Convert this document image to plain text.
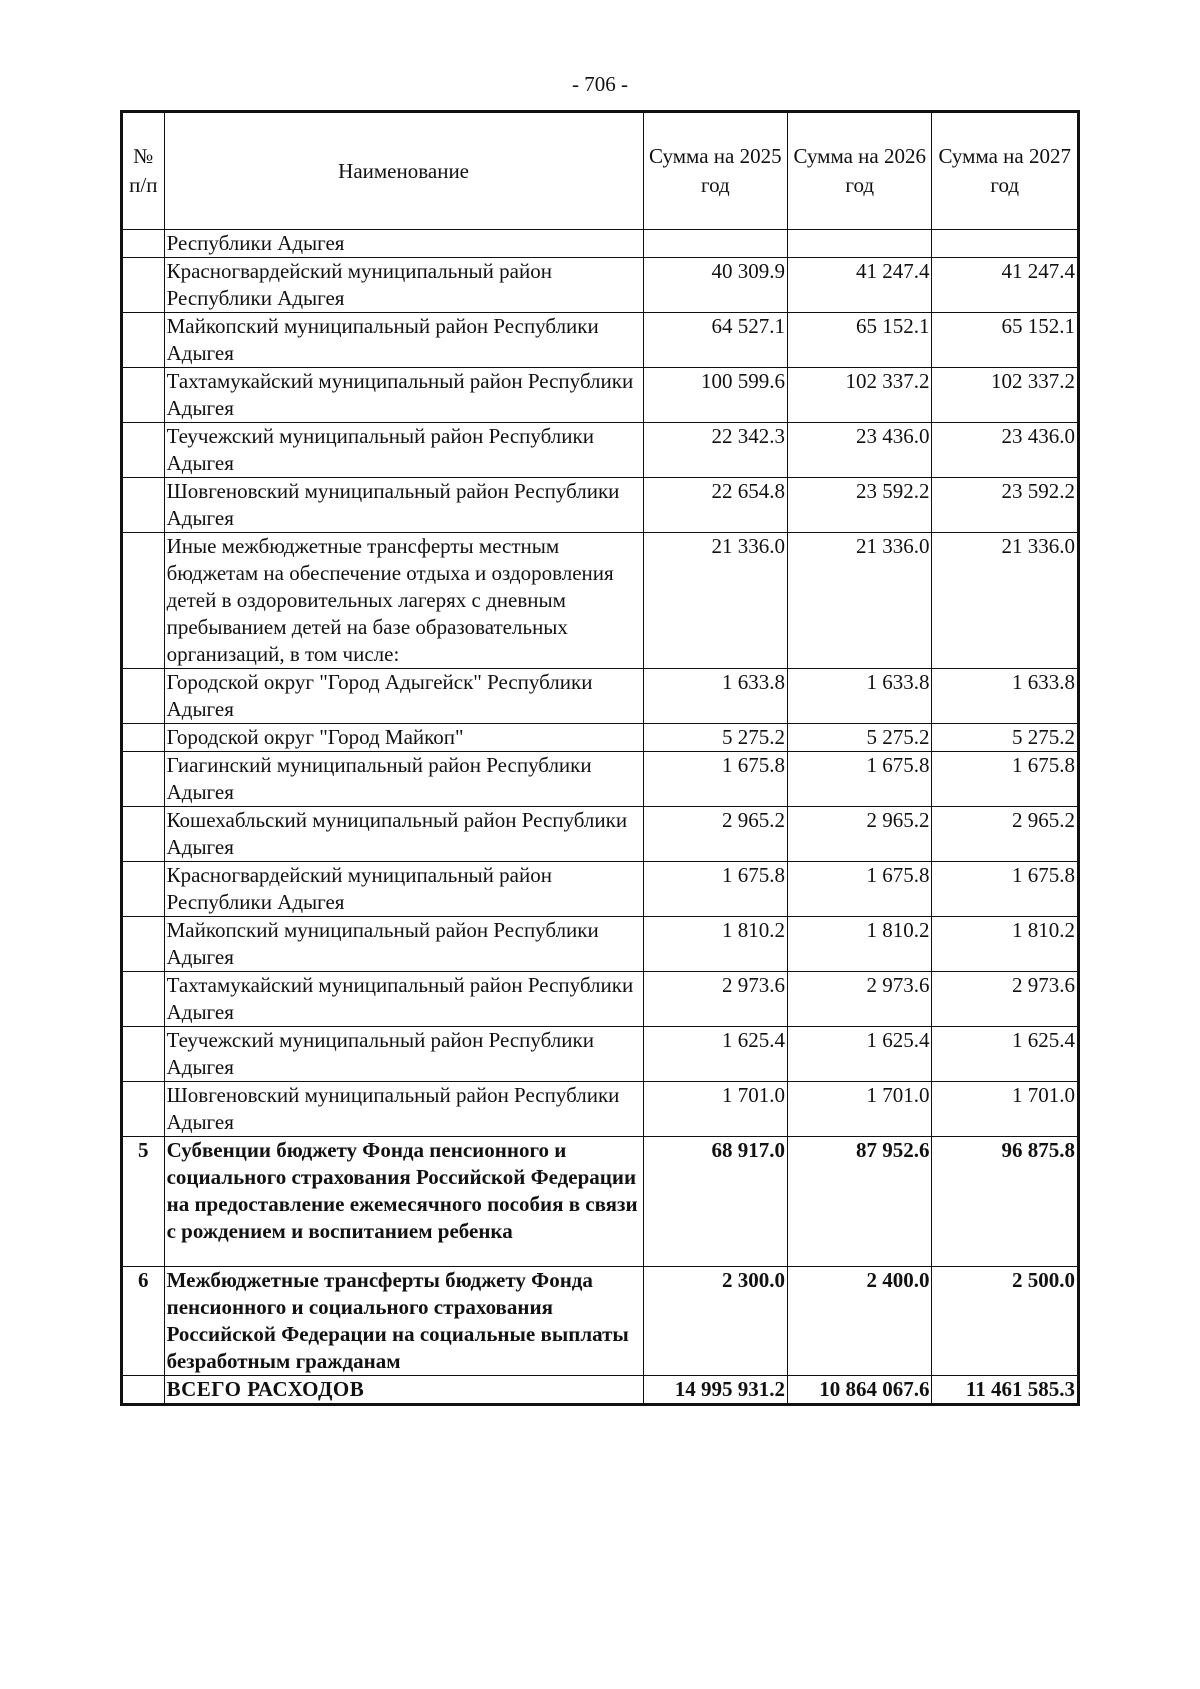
- 706 -
№ п/п	Наименование	Сумма на 2025 год	Сумма на 2026 год	Сумма на 2027 год
	Республики Адыгея			
	Красногвардейский муниципальный район Республики Адыгея	40 309.9	41 247.4	41 247.4
	Майкопский муниципальный район Республики Адыгея	64 527.1	65 152.1	65 152.1
	Тахтамукайский муниципальный район Республики Адыгея	100 599.6	102 337.2	102 337.2
	Теучежский муниципальный район Республики Адыгея	22 342.3	23 436.0	23 436.0
	Шовгеновский муниципальный район Республики Адыгея	22 654.8	23 592.2	23 592.2
	Иные межбюджетные трансферты местным бюджетам на обеспечение отдыха и оздоровления детей в оздоровительных лагерях с дневным пребыванием детей на базе образовательных организаций, в том числе:	21 336.0	21 336.0	21 336.0
	Городской округ "Город Адыгейск" Республики Адыгея	1 633.8	1 633.8	1 633.8
	Городской округ "Город Майкоп"	5 275.2	5 275.2	5 275.2
	Гиагинский муниципальный район Республики Адыгея	1 675.8	1 675.8	1 675.8
	Кошехабльский муниципальный район Республики Адыгея	2 965.2	2 965.2	2 965.2
	Красногвардейский муниципальный район Республики Адыгея	1 675.8	1 675.8	1 675.8
	Майкопский муниципальный район Республики Адыгея	1 810.2	1 810.2	1 810.2
	Тахтамукайский муниципальный район Республики Адыгея	2 973.6	2 973.6	2 973.6
	Теучежский муниципальный район Республики Адыгея	1 625.4	1 625.4	1 625.4
	Шовгеновский муниципальный район Республики Адыгея	1 701.0	1 701.0	1 701.0
5	Субвенции бюджету Фонда пенсионного и социального страхования Российской Федерации на предоставление ежемесячного пособия в связи с рождением и воспитанием ребенка	68 917.0	87 952.6	96 875.8
6	Межбюджетные трансферты бюджету Фонда пенсионного и социального страхования Российской Федерации на социальные выплаты безработным гражданам	2 300.0	2 400.0	2 500.0
	ВСЕГО РАСХОДОВ	14 995 931.2	10 864 067.6	11 461 585.3
